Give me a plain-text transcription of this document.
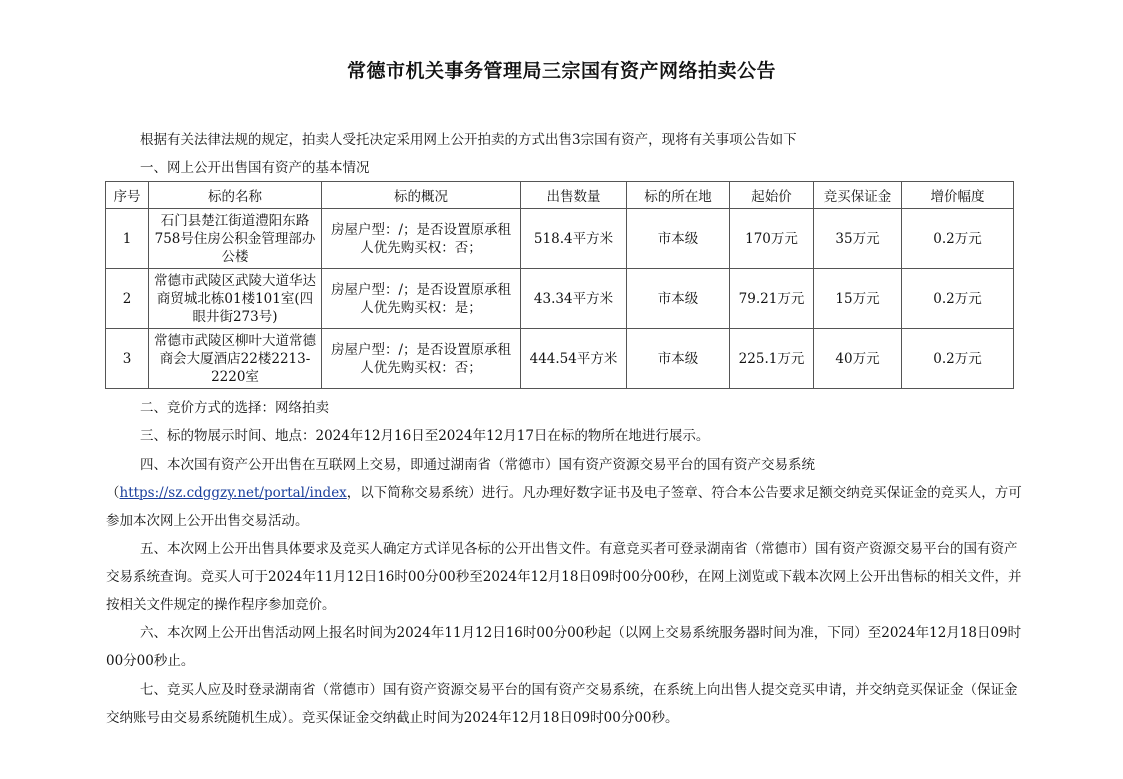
常德市机关事务管理局三宗国有资产网络拍卖公告
根据有关法律法规的规定，拍卖人受托决定采用网上公开拍卖的方式出售3宗国有资产，现将有关事项公告如下
一、网上公开出售国有资产的基本情况
序号	标的名称	标的概况	出售数量	标的所在地	起始价	竞买保证金	增价幅度
1	石门县楚江街道澧阳东路758号住房公积金管理部办公楼	房屋户型：/；是否设置原承租人优先购买权：否；	518.4平方米	市本级	170万元	35万元	0.2万元
2	常德市武陵区武陵大道华达商贸城北栋01楼101室(四眼井街273号)	房屋户型：/；是否设置原承租人优先购买权：是；	43.34平方米	市本级	79.21万元	15万元	0.2万元
3	常德市武陵区柳叶大道常德商会大厦酒店22楼2213-2220室	房屋户型：/；是否设置原承租人优先购买权：否；	444.54平方米	市本级	225.1万元	40万元	0.2万元
二、竞价方式的选择：网络拍卖
三、标的物展示时间、地点：2024年12月16日至2024年12月17日在标的物所在地进行展示。
四、本次国有资产公开出售在互联网上交易，即通过湖南省（常德市）国有资产资源交易平台的国有资产交易系统（https://sz.cdggzy.net/portal/index，以下简称交易系统）进行。凡办理好数字证书及电子签章、符合本公告要求足额交纳竞买保证金的竞买人，方可参加本次网上公开出售交易活动。
五、本次网上公开出售具体要求及竞买人确定方式详见各标的公开出售文件。有意竞买者可登录湖南省（常德市）国有资产资源交易平台的国有资产交易系统查询。竞买人可于2024年11月12日16时00分00秒至2024年12月18日09时00分00秒，在网上浏览或下载本次网上公开出售标的相关文件，并按相关文件规定的操作程序参加竞价。
六、本次网上公开出售活动网上报名时间为2024年11月12日16时00分00秒起（以网上交易系统服务器时间为准，下同）至2024年12月18日09时00分00秒止。
七、竞买人应及时登录湖南省（常德市）国有资产资源交易平台的国有资产交易系统，在系统上向出售人提交竞买申请，并交纳竞买保证金（保证金交纳账号由交易系统随机生成）。竞买保证金交纳截止时间为2024年12月18日09时00分00秒。
